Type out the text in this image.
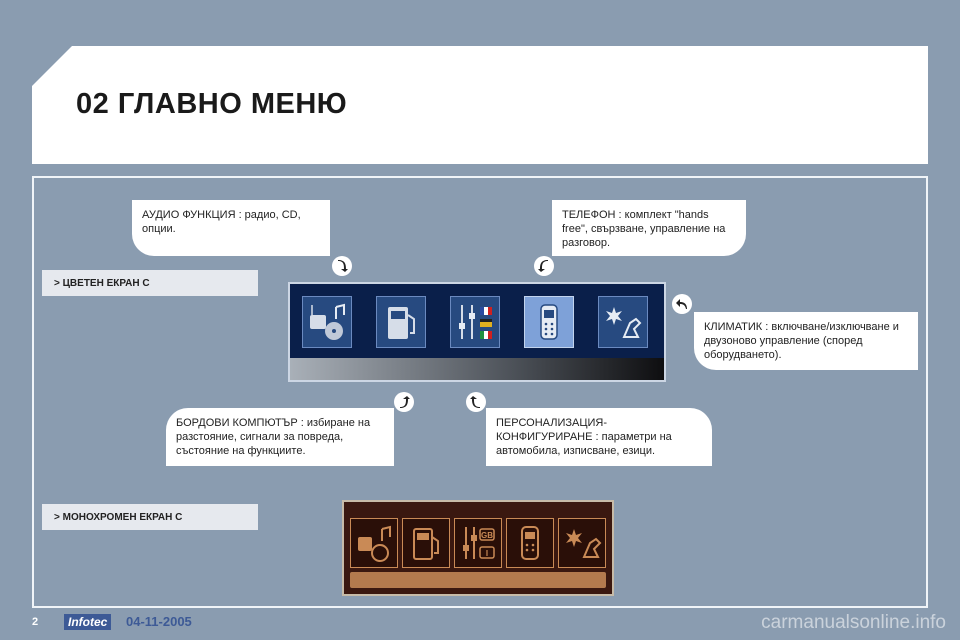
02 ГЛАВНО МЕНЮ
АУДИО ФУНКЦИЯ : радио, CD, опции.
ТЕЛЕФОН : комплект "hands free", свързване, управление на разговор.
КЛИМАТИК : включване/изключване и двузоново управление (според оборудването).
БОРДОВИ КОМПЮТЪР : избиране на разстояние, сигнали за повреда, състояние на функциите.
ПЕРСОНАЛИЗАЦИЯ-КОНФИГУРИРАНЕ : параметри на автомобила, изписване, езици.
> ЦВЕТЕН ЕКРАН С
> МОНОХРОМЕН ЕКРАН С
GB
I
2	Infotec	04-11-2005	carmanualsonline.info
